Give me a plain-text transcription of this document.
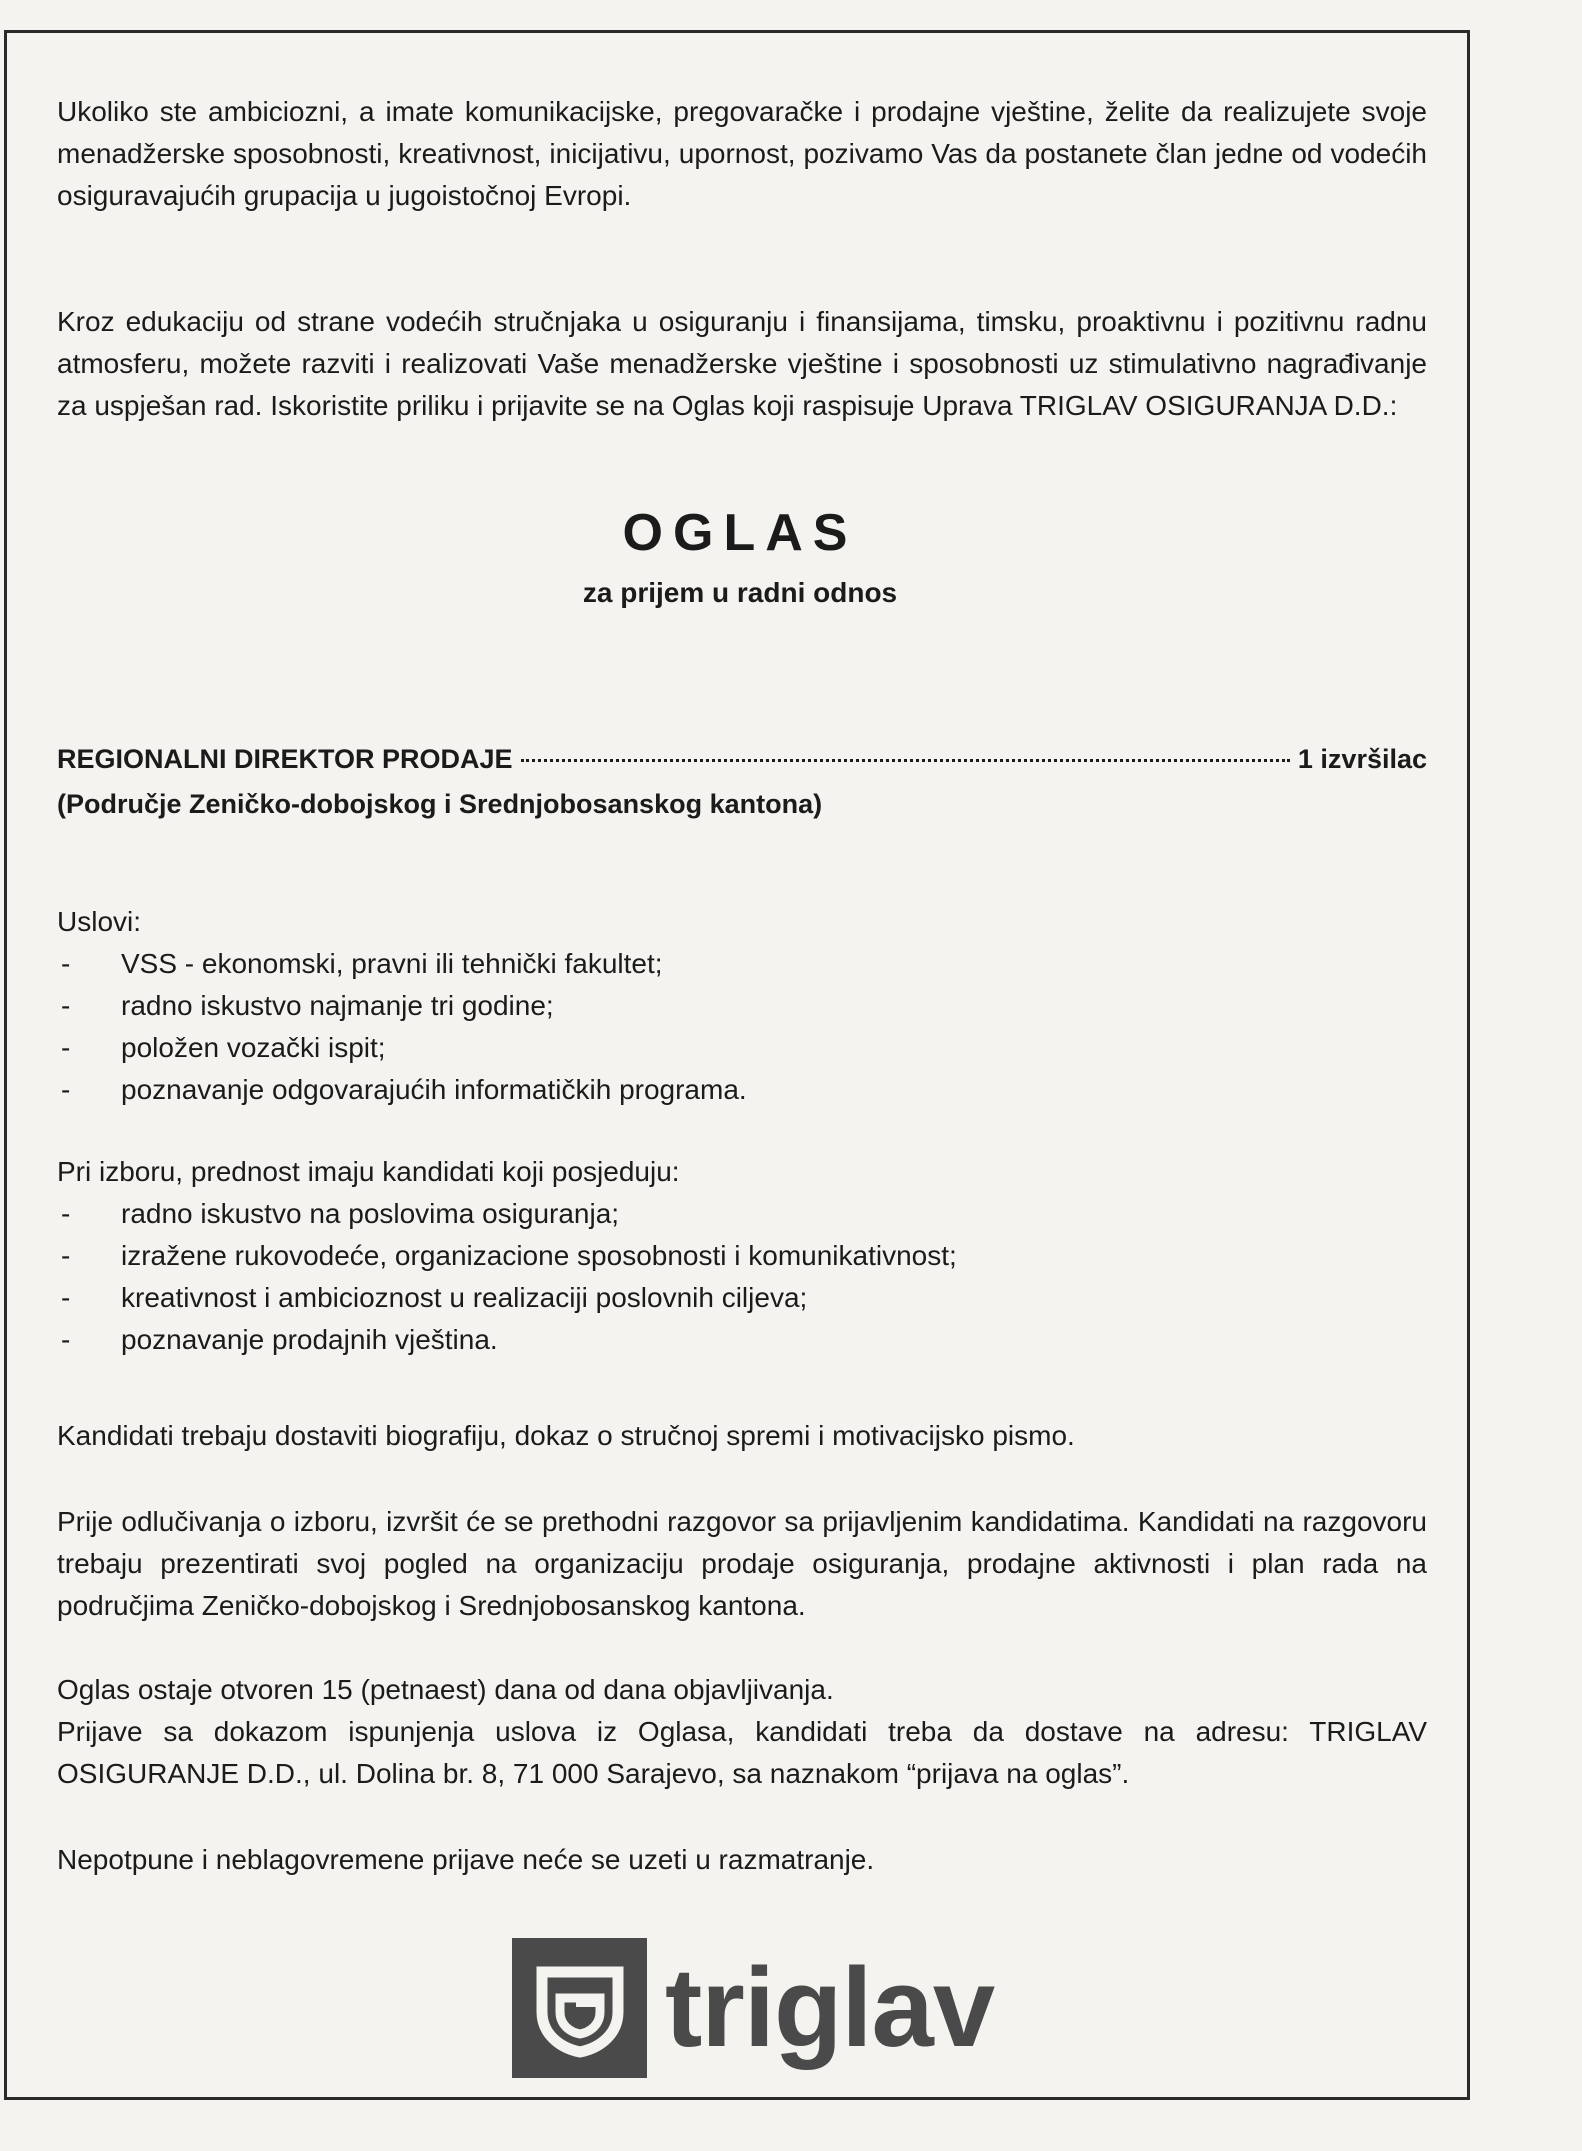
Ukoliko ste ambiciozni, a imate komunikacijske, pregovaračke i prodajne vještine, želite da realizujete svoje menadžerske sposobnosti, kreativnost, inicijativu, upornost, pozivamo Vas da postanete član jedne od vodećih osiguravajućih grupacija u jugoistočnoj Evropi.

Kroz edukaciju od strane vodećih stručnjaka u osiguranju i finansijama, timsku, proaktivnu i pozitivnu radnu atmosferu, možete razviti i realizovati Vaše menadžerske vještine i sposobnosti uz stimulativno nagrađivanje za uspješan rad. Iskoristite priliku i prijavite se na Oglas koji raspisuje Uprava TRIGLAV OSIGURANJA D.D.:

OGLAS
za prijem u radni odnos
REGIONALNI DIREKTOR PRODAJE	1 izvršilac
(Područje Zeničko-dobojskog i Srednjobosanskog kantona)

Uslovi:

- VSS - ekonomski, pravni ili tehnički fakultet;
- radno iskustvo najmanje tri godine;
- položen vozački ispit;
- poznavanje odgovarajućih informatičkih programa.

Pri izboru, prednost imaju kandidati koji posjeduju:

- radno iskustvo na poslovima osiguranja;
- izražene rukovodeće, organizacione sposobnosti i komunikativnost;
- kreativnost i ambicioznost u realizaciji poslovnih ciljeva;
- poznavanje prodajnih vještina.

Kandidati trebaju dostaviti biografiju, dokaz o stručnoj spremi i motivacijsko pismo.

Prije odlučivanja o izboru, izvršit će se prethodni razgovor sa prijavljenim kandidatima. Kandidati na razgovoru trebaju prezentirati svoj pogled na organizaciju prodaje osiguranja, prodajne aktivnosti i plan rada na područjima Zeničko-dobojskog i Srednjobosanskog kantona.

Oglas ostaje otvoren 15 (petnaest) dana od dana objavljivanja.

Prijave sa dokazom ispunjenja uslova iz Oglasa, kandidati treba da dostave na adresu: TRIGLAV OSIGURANJE D.D., ul. Dolina br. 8, 71 000 Sarajevo, sa naznakom “prijava na oglas”.

Nepotpune i neblagovremene prijave neće se uzeti u razmatranje.

triglav
